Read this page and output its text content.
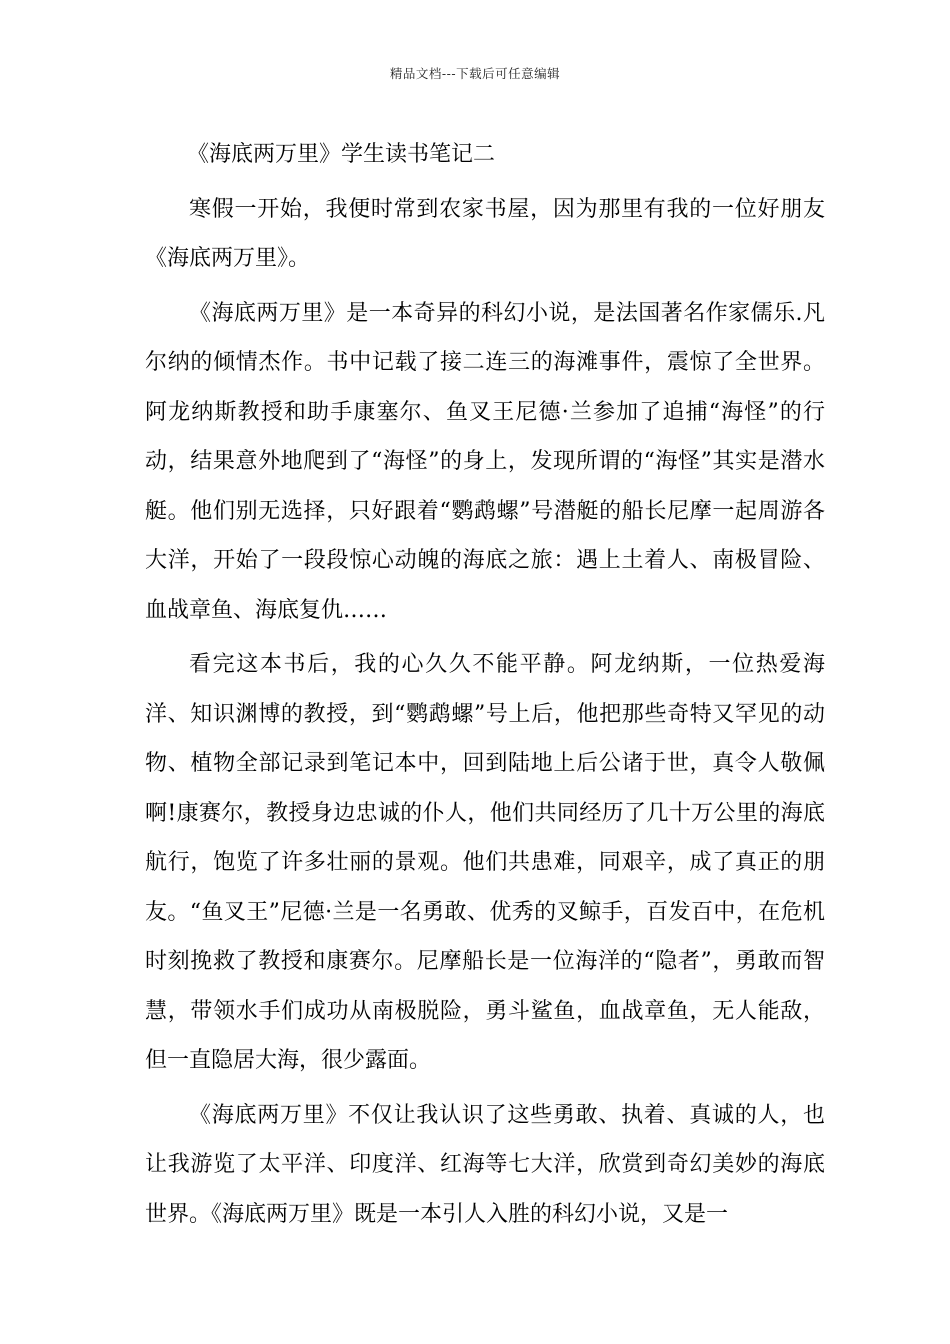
精品文档---下载后可任意编辑
《海底两万里》学生读书笔记二

寒假一开始，我便时常到农家书屋，因为那里有我的一位好朋友《海底两万里》。

《海底两万里》是一本奇异的科幻小说，是法国著名作家儒乐.凡尔纳的倾情杰作。书中记载了接二连三的海滩事件，震惊了全世界。阿龙纳斯教授和助手康塞尔、鱼叉王尼德·兰参加了追捕“海怪”的行动，结果意外地爬到了“海怪”的身上，发现所谓的“海怪”其实是潜水艇。他们别无选择，只好跟着“鹦鹉螺”号潜艇的船长尼摩一起周游各大洋，开始了一段段惊心动魄的海底之旅：遇上土着人、南极冒险、血战章鱼、海底复仇……

看完这本书后，我的心久久不能平静。阿龙纳斯，一位热爱海洋、知识渊博的教授，到“鹦鹉螺”号上后，他把那些奇特又罕见的动物、植物全部记录到笔记本中，回到陆地上后公诸于世，真令人敬佩啊!康赛尔，教授身边忠诚的仆人，他们共同经历了几十万公里的海底航行，饱览了许多壮丽的景观。他们共患难，同艰辛，成了真正的朋友。“鱼叉王”尼德·兰是一名勇敢、优秀的叉鲸手，百发百中，在危机时刻挽救了教授和康赛尔。尼摩船长是一位海洋的“隐者”，勇敢而智慧，带领水手们成功从南极脱险，勇斗鲨鱼，血战章鱼，无人能敌，但一直隐居大海，很少露面。

《海底两万里》不仅让我认识了这些勇敢、执着、真诚的人，也让我游览了太平洋、印度洋、红海等七大洋，欣赏到奇幻美妙的海底世界。《海底两万里》既是一本引人入胜的科幻小说，又是一
